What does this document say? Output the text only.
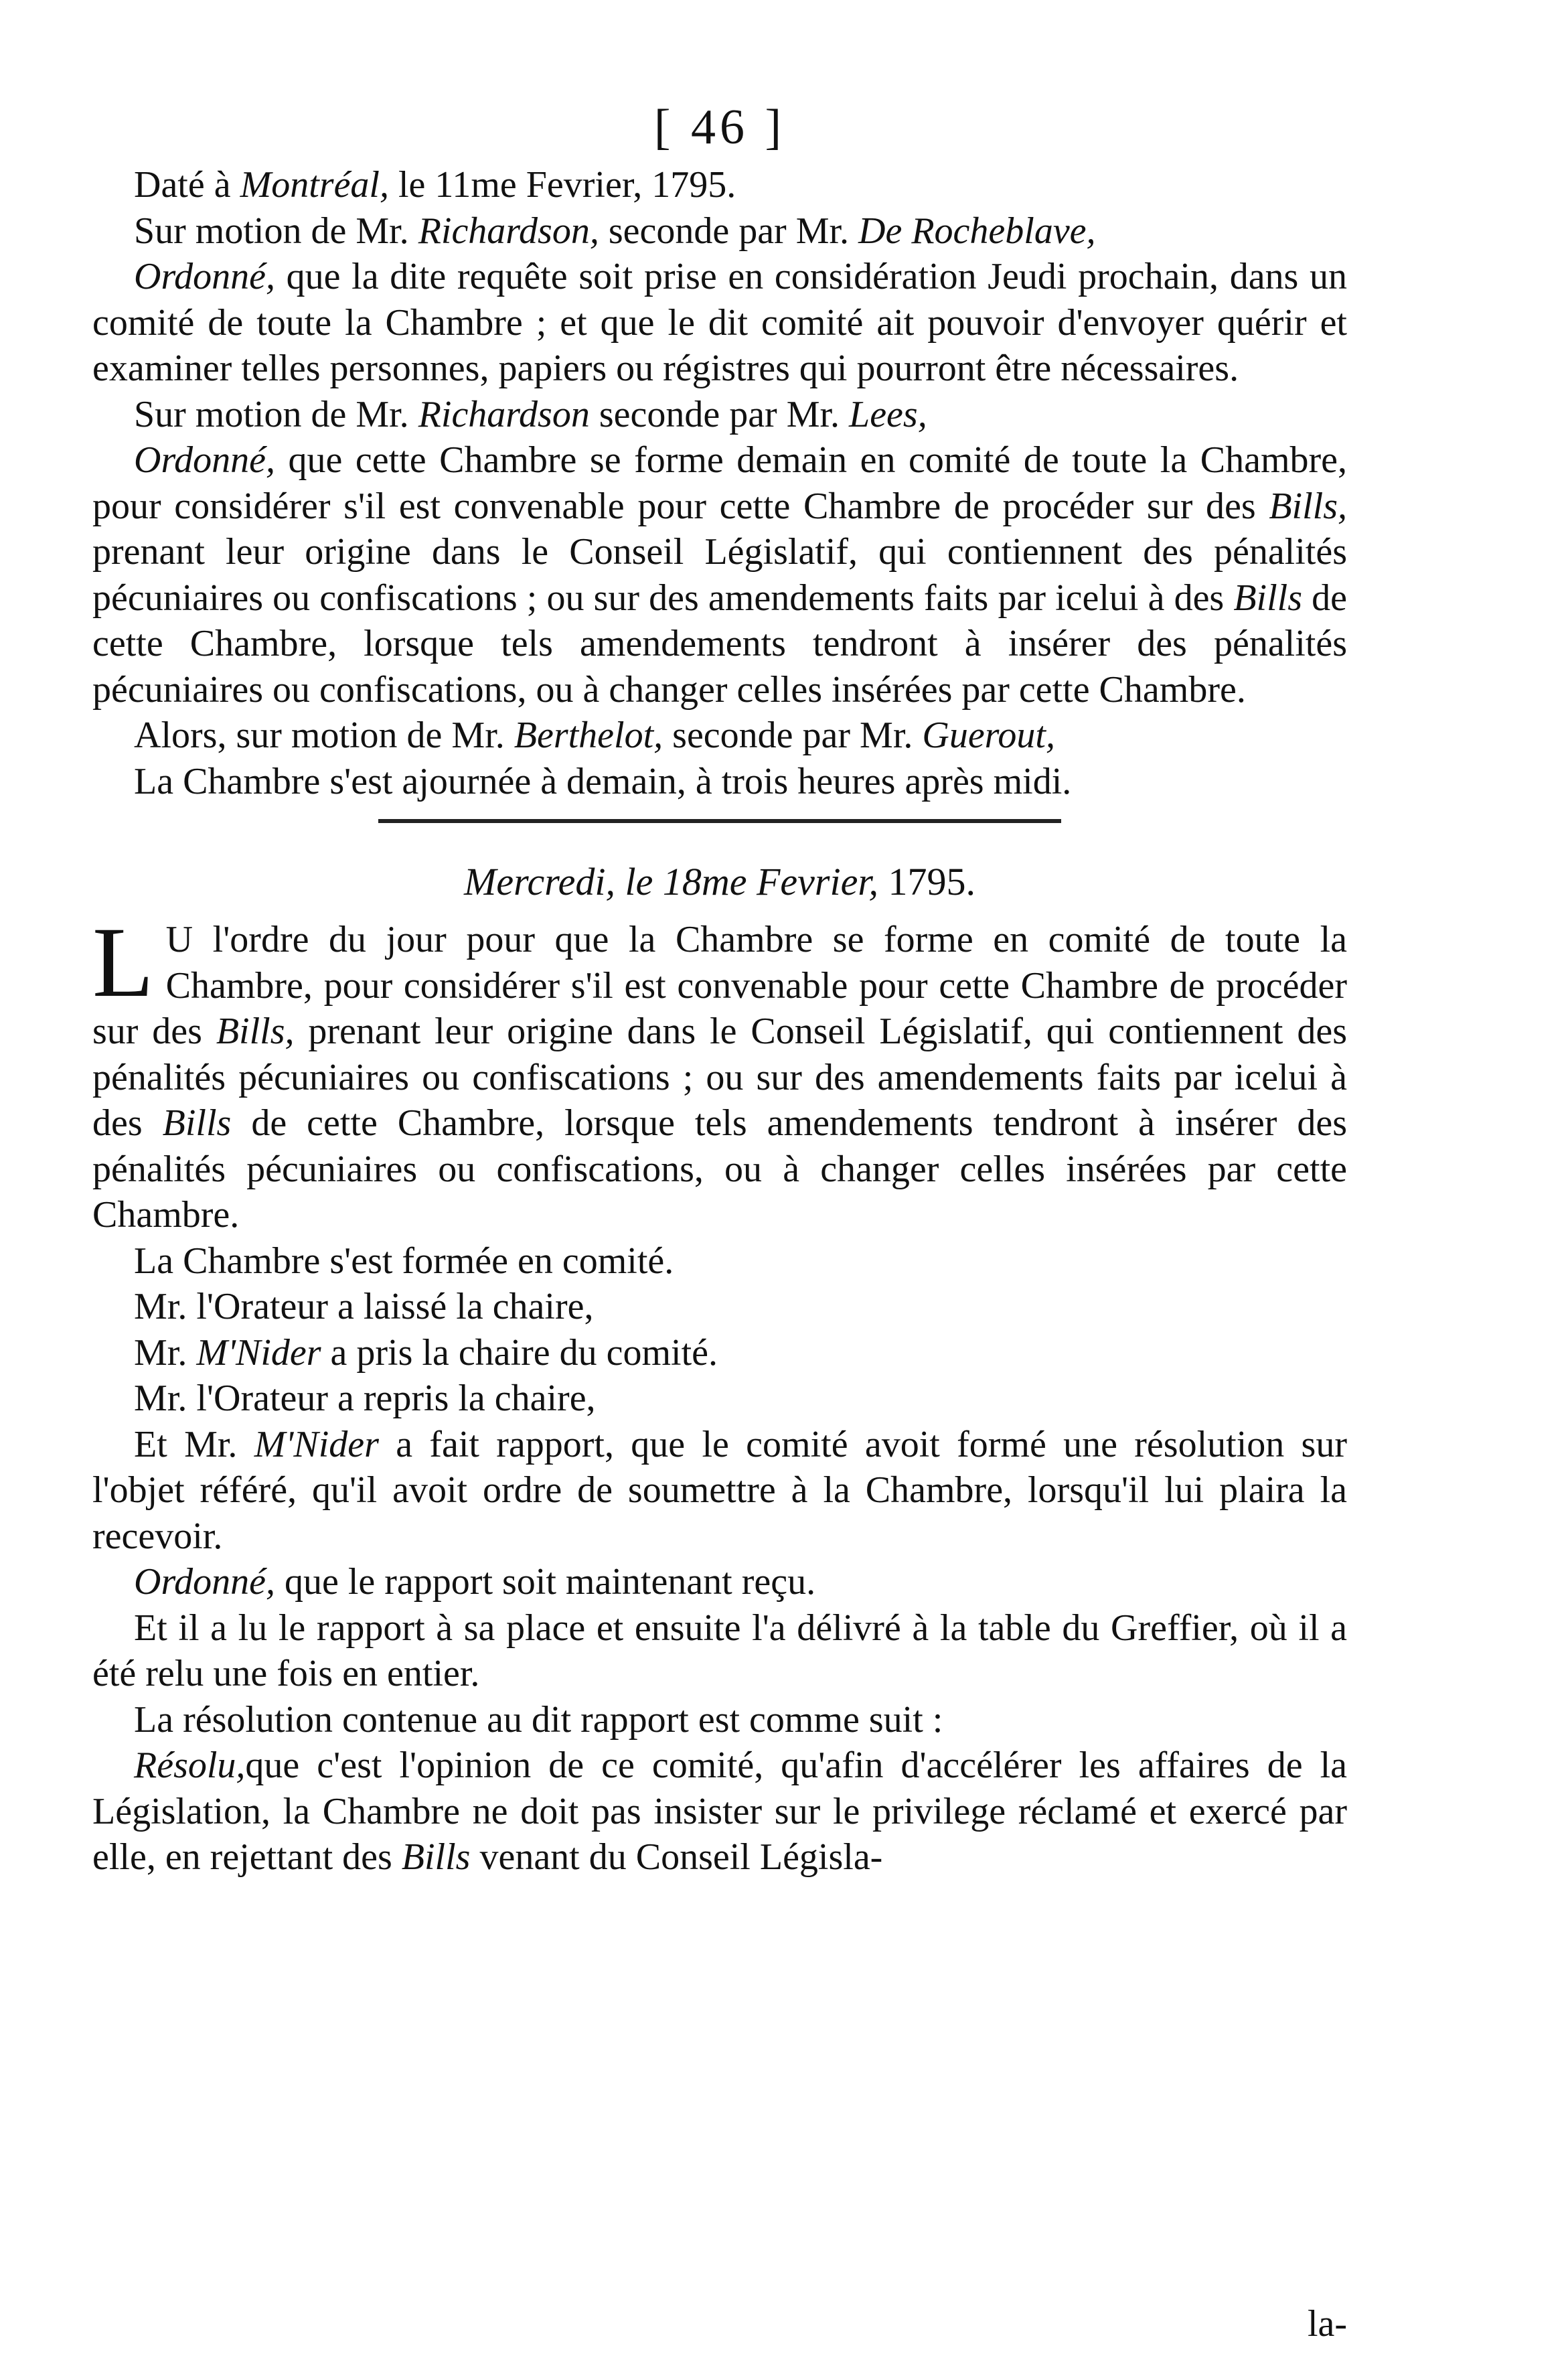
[ 46 ]

Daté à Montréal, le 11me Fevrier, 1795.

Sur motion de Mr. Richardson, seconde par Mr. De Rocheblave,

Ordonné, que la dite requête soit prise en considération Jeudi prochain, dans un comité de toute la Chambre ; et que le dit comité ait pouvoir d'envoyer quérir et examiner telles personnes, papiers ou régistres qui pourront être nécessaires.

Sur motion de Mr. Richardson seconde par Mr. Lees,

Ordonné, que cette Chambre se forme demain en comité de toute la Chambre, pour considérer s'il est convenable pour cette Chambre de procéder sur des Bills, prenant leur origine dans le Conseil Législatif, qui contiennent des pénalités pécuniaires ou confiscations ; ou sur des amendements faits par icelui à des Bills de cette Chambre, lorsque tels amendements tendront à insérer des pénalités pécuniaires ou confiscations, ou à changer celles insérées par cette Chambre.

Alors, sur motion de Mr. Berthelot, seconde par Mr. Guerout,

La Chambre s'est ajournée à demain, à trois heures après midi.

Mercredi, le 18me Fevrier, 1795.

L U l'ordre du jour pour que la Chambre se forme en comité de toute la Chambre, pour considérer s'il est convenable pour cette Chambre de procéder sur des Bills, prenant leur origine dans le Conseil Législatif, qui contiennent des pénalités pécuniaires ou confiscations ; ou sur des amendements faits par icelui à des Bills de cette Chambre, lorsque tels amendements tendront à insérer des pénalités pécuniaires ou confiscations, ou à changer celles insérées par cette Chambre.

La Chambre s'est formée en comité.

Mr. l'Orateur a laissé la chaire,

Mr. M'Nider a pris la chaire du comité.

Mr. l'Orateur a repris la chaire,

Et Mr. M'Nider a fait rapport, que le comité avoit formé une résolution sur l'objet référé, qu'il avoit ordre de soumettre à la Chambre, lorsqu'il lui plaira la recevoir.

Ordonné, que le rapport soit maintenant reçu.

Et il a lu le rapport à sa place et ensuite l'a délivré à la table du Greffier, où il a été relu une fois en entier.

La résolution contenue au dit rapport est comme suit :

Résolu,que c'est l'opinion de ce comité, qu'afin d'accélérer les affaires de la Législation, la Chambre ne doit pas insister sur le privilege réclamé et exercé par elle, en rejettant des Bills venant du Conseil Législa-

la-
